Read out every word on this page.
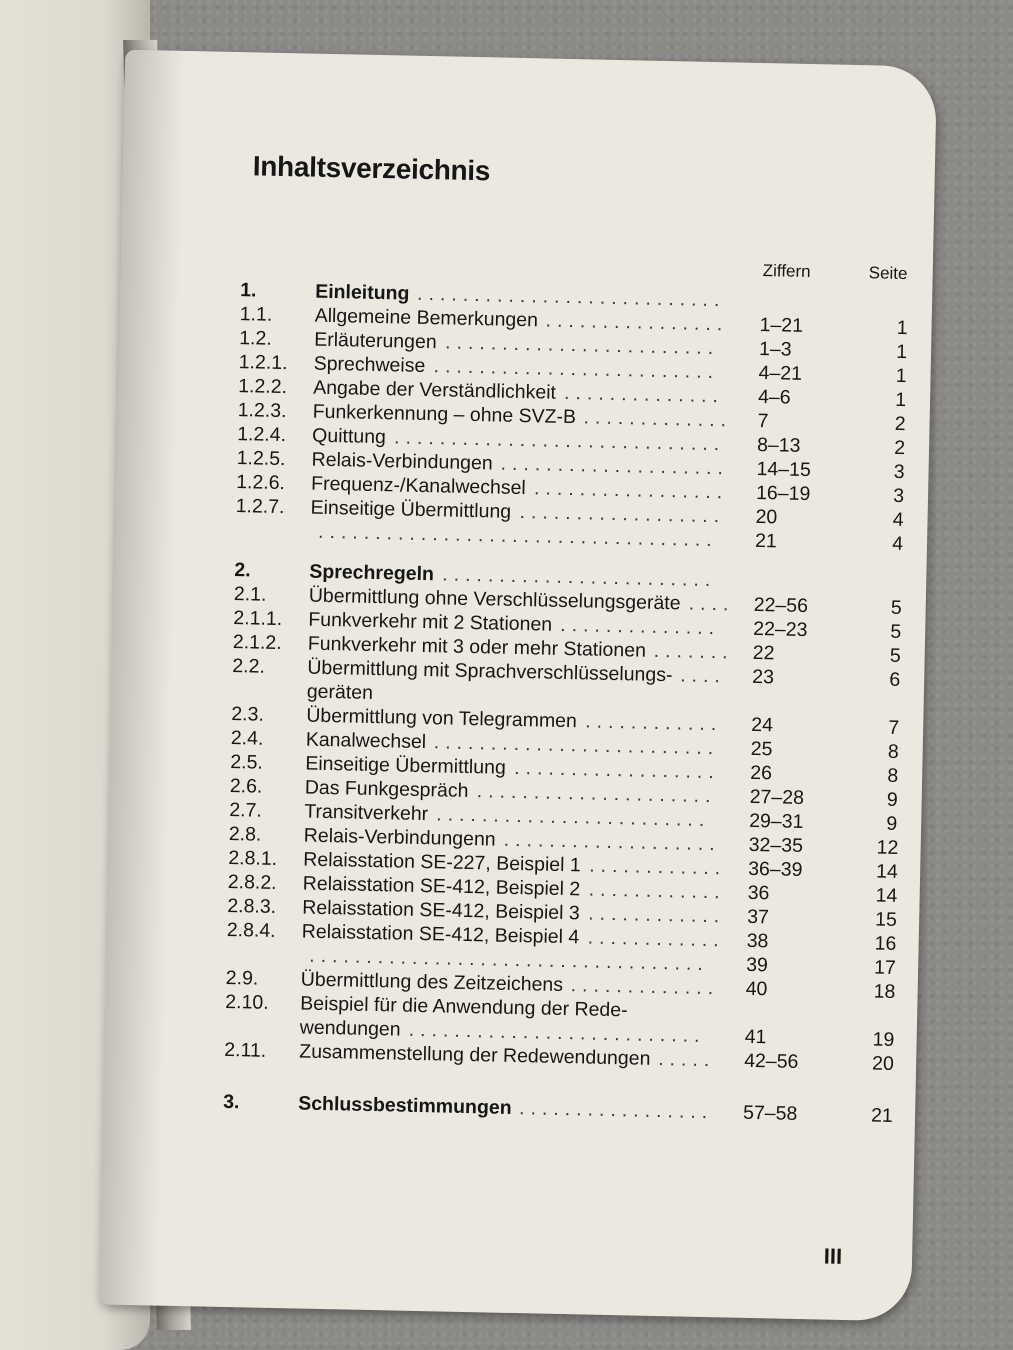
Inhaltsverzeichnis
Ziffern	Seite
1.	Einleitung ...........................
1.1. Allgemeine Bemerkungen	1–21	1
................
1.2. Erläuterungen	1–3	1
........................
1.2.1. Sprechweise	4–21	1
.........................
1.2.2. Angabe der Verständlichkeit	4–6	1
..............
1.2.3. Funkerkennung – ohne SVZ-B	7	2
.............
1.2.4. Quittung	8–13	2
.............................
1.2.5. Relais-Verbindungen	14–15	3
....................
1.2.6. Frequenz-/Kanalwechsel	16–19	3
.................
1.2.7. Einseitige Übermittlung	20	4
..................
21	4
...................................
2.	Sprechregeln ........................
2.1. Übermittlung ohne Verschlüsselungsgeräte	22–56	5
....
2.1.1. Funkverkehr mit 2 Stationen	22–23	5
..............
2.1.2. Funkverkehr mit 3 oder mehr Stationen	22	5
.......
2.2. Übermittlung mit Sprachverschlüsselungs-	23	6
....
geräten
2.3. Übermittlung von Telegrammen	24	7
............
2.4. Kanalwechsel	25	8
.........................
2.5. Einseitige Übermittlung	26	8
..................
2.6. Das Funkgespräch	27–28	9
.....................
2.7. Transitverkehr	29–31	9
........................
2.8. Relais-Verbindungenn	32–35	12
...................
2.8.1. Relaisstation SE-227, Beispiel 1	36–39	14
............
2.8.2. Relaisstation SE-412, Beispiel 2	36	14
............
2.8.3. Relaisstation SE-412, Beispiel 3	37	15
............
2.8.4. Relaisstation SE-412, Beispiel 4	38	16
............
39	17
...................................
2.9. Übermittlung des Zeitzeichens	40	18
.............
2.10. Beispiel für die Anwendung der Rede-
wendungen	41	19
..........................
2.11. Zusammenstellung der Redewendungen	42–56	20
.....
3.	Schlussbestimmungen	57–58	21
.................
III
